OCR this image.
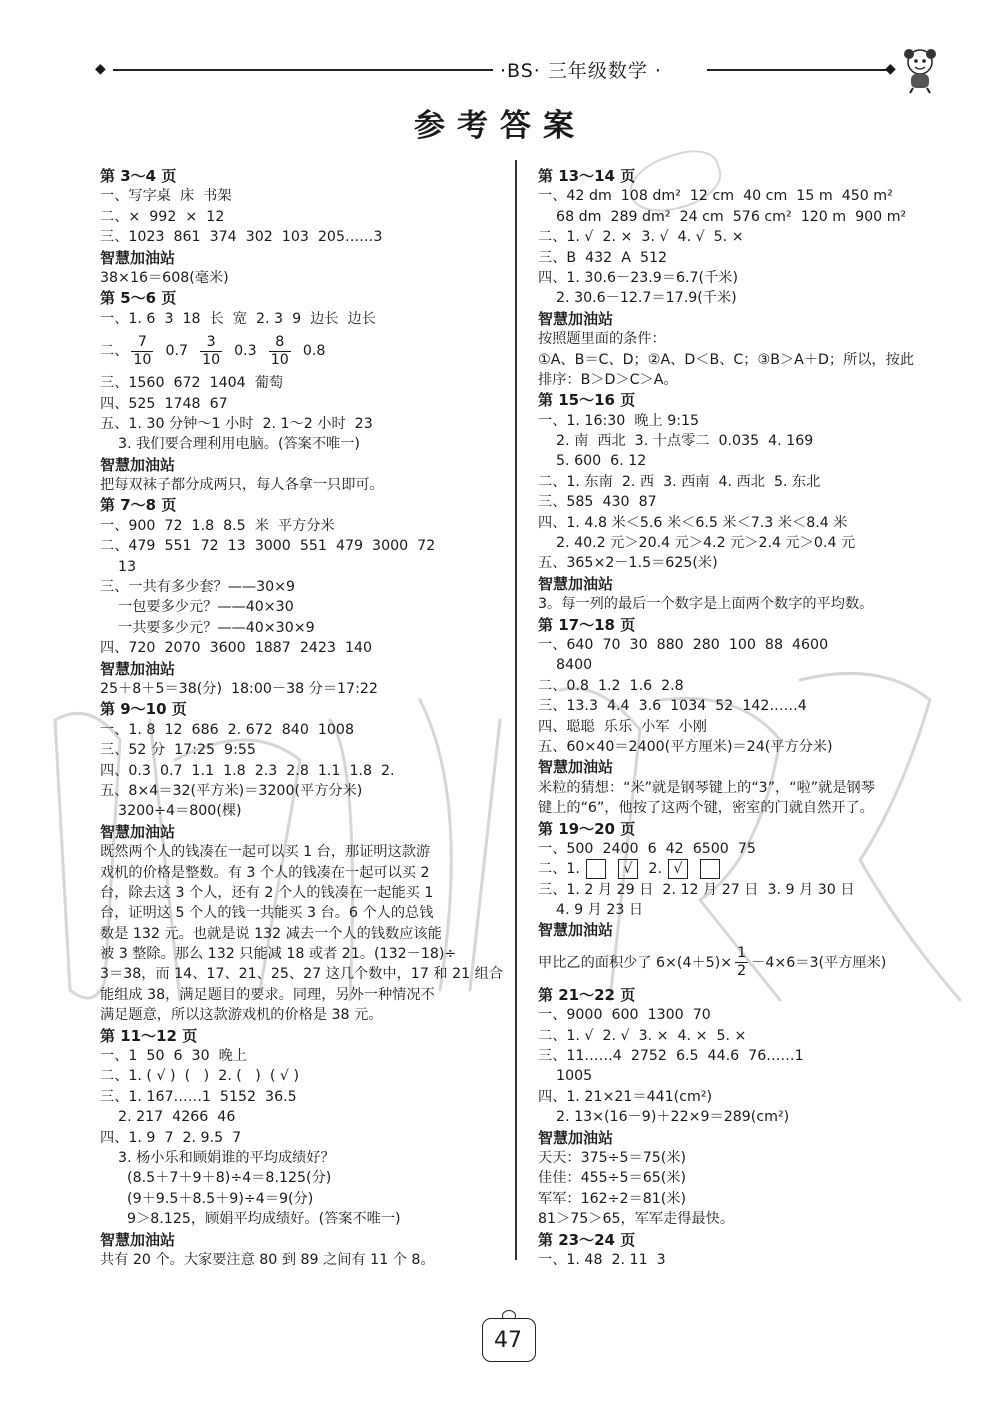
◆	·BS· 三年级数学 ·	◆
参考答案
第 3～4 页
一、写字桌  床  书架
二、×  992  ×  12
三、1023  861  374  302  103  205……3
智慧加油站
38×16＝608(毫米)
第 5～6 页
一、1. 6  3  18  长  宽  2. 3  9  边长  边长
二、 $\frac{7}{10} 0.7 \frac{3}{10} 0.3 \frac{8}{10} 0.8$
三、1560  672  1404  葡萄
四、525  1748  67
五、1. 30 分钟～1 小时  2. 1～2 小时  23
3. 我们要合理利用电脑。(答案不唯一)
智慧加油站
把每双袜子都分成两只，每人各拿一只即可。
第 7～8 页
一、900  72  1.8  8.5  米  平方分米
二、479  551  72  13  3000  551  479  3000  72
13
三、一共有多少套？——30×9
一包要多少元？——40×30
一共要多少元？——40×30×9
四、720  2070  3600  1887  2423  140
智慧加油站
25＋8＋5＝38(分)  18:00－38 分＝17:22
第 9～10 页
一、1. 8  12  686  2. 672  840  1008
三、52 分  17:25  9:55
四、0.3  0.7  1.1  1.8  2.3  2.8  1.1  1.8  2.
五、8×4＝32(平方米)＝3200(平方分米)
3200÷4＝800(棵)
智慧加油站
既然两个人的钱凑在一起可以买 1 台，那证明这款游
戏机的价格是整数。有 3 个人的钱凑在一起可以买 2
台，除去这 3 个人，还有 2 个人的钱凑在一起能买 1
台，证明这 5 个人的钱一共能买 3 台。6 个人的总钱
数是 132 元。也就是说 132 减去一个人的钱数应该能
被 3 整除。那么 132 只能减 18 或者 21。(132－18)÷
3＝38，而 14、17、21、25、27 这几个数中，17 和 21 组合
能组成 38，满足题目的要求。同理，另外一种情况不
满足题意，所以这款游戏机的价格是 38 元。
第 11～12 页
一、1  50  6  30  晚上
二、1. ( √ )  (   )  2. (   )  ( √ )
三、1. 167……1  5152  36.5
2. 217  4266  46
四、1. 9  7  2. 9.5  7
3. 杨小乐和顾娟谁的平均成绩好？
(8.5＋7＋9＋8)÷4＝8.125(分)
(9＋9.5＋8.5＋9)÷4＝9(分)
9＞8.125，顾娟平均成绩好。(答案不唯一)
智慧加油站
共有 20 个。大家要注意 80 到 89 之间有 11 个 8。
第 13～14 页
一、42 dm  108 dm²  12 cm  40 cm  15 m  450 m²
68 dm  289 dm²  24 cm  576 cm²  120 m  900 m²
二、1. √  2. ×  3. √  4. √  5. ×
三、B  432  A  512
四、1. 30.6－23.9＝6.7(千米)
2. 30.6－12.7＝17.9(千米)
智慧加油站
按照题里面的条件：
①A、B＝C、D；②A、D＜B、C；③B＞A＋D；所以，按此
排序：B＞D＞C＞A。
第 15～16 页
一、1. 16:30  晚上 9:15
2. 南  西北  3. 十点零二  0.035  4. 169
5. 600  6. 12
二、1. 东南  2. 西  3. 西南  4. 西北  5. 东北
三、585  430  87
四、1. 4.8 米＜5.6 米＜6.5 米＜7.3 米＜8.4 米
2. 40.2 元＞20.4 元＞4.2 元＞2.4 元＞0.4 元
五、365×2－1.5＝625(米)
智慧加油站
3。每一列的最后一个数字是上面两个数字的平均数。
第 17～18 页
一、640  70  30  880  280  100  88  4600
8400
二、0.8  1.2  1.6  2.8
三、13.3  4.4  3.6  1034  52  142……4
四、聪聪  乐乐  小军  小刚
五、60×40＝2400(平方厘米)＝24(平方分米)
智慧加油站
米粒的猜想：“米”就是钢琴键上的“3”，“啦”就是钢琴
键上的“6”，他按了这两个键，密室的门就自然开了。
第 19～20 页
一、500  2400  6  42  6500  75
二、1.	√ 2. √
三、1. 2 月 29 日  2. 12 月 27 日  3. 9 月 30 日
4. 9 月 23 日
智慧加油站
甲比乙的面积少了 $6\times(4+5)\times \frac{1}{2} -4\times 6=3$(平方厘米)
第 21～22 页
一、9000  600  1300  70
二、1. √  2. √  3. ×  4. ×  5. ×
三、11……4  2752  6.5  44.6  76……1
1005
四、1. 21×21＝441(cm²)
2. 13×(16－9)＋22×9＝289(cm²)
智慧加油站
天天：375÷5＝75(米)
佳佳：455÷5＝65(米)
军军：162÷2＝81(米)
81＞75＞65，军军走得最快。
第 23～24 页
一、1. 48  2. 11  3
47
